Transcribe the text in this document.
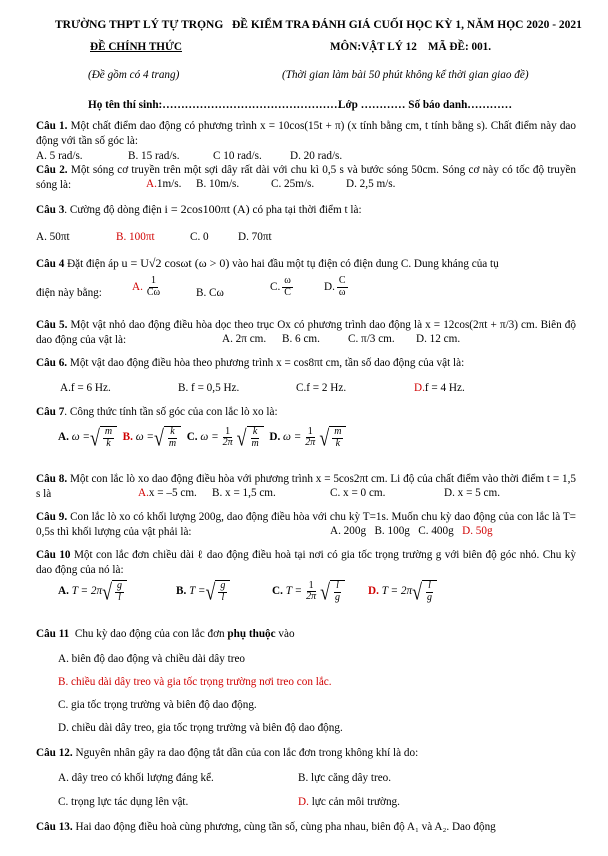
TRƯỜNG THPT LÝ TỰ TRỌNG ĐỀ KIỂM TRA ĐÁNH GIÁ CUỐI HỌC KỲ 1, NĂM HỌC 2020 - 2021
ĐỀ CHÍNH THỨC	MÔN:VẬT LÝ 12 MÃ ĐỀ: 001.
(Đề gồm có 4 trang)	(Thời gian làm bài 50 phút không kể thời gian giao đề)
Họ tên thí sinh:…………………………………………
Lớp ………… Số báo danh…………
Câu 1. Một chất điểm dao động có phương trình x = 10cos(15t + π) (x tính bằng cm, t tính bằng s). Chất điểm này dao động với tần số góc là:
A. 5 rad/s.	B. 15 rad/s.	C 10 rad/s.	D. 20 rad/s.
Câu 2. Một sóng cơ truyền trên một sợi dây rất dài với chu kì 0,5 s và bước sóng 50cm. Sóng cơ này có tốc độ truyền sóng là:	A.1m/s. B. 10m/s.	C. 25m/s.	D. 2,5 m/s.
Câu 3. Cường độ dòng điện i = 2cos100πt (A) có pha tại thời điểm t là:
A. 50πt	B. 100πt	C. 0	D. 70πt
Câu 4 Đặt điện áp u = U√2 cosωt (ω > 0) vào hai đầu một tụ điện có điện dung C. Dung kháng của tụ
điện này bằng:
A. $\frac{1}{C\omega}$	B. Cω
C. $\frac{\omega}{C}$	D. $\frac{C}{\omega}$
Câu 5. Một vật nhỏ dao động điều hòa dọc theo trục Ox có phương trình dao động là x = 12cos(2πt + π/3) cm. Biên độ dao động của vật là:	A. 2π cm. B. 6 cm.	C. π/3 cm. D. 12 cm.
Câu 6. Một vật dao động điều hòa theo phương trình x = cos8πt cm, tần số dao động của vật là:
A.f = 6 Hz.	B. f = 0,5 Hz.	C.f = 2 Hz.	D.f = 4 Hz.
Câu 7. Công thức tính tần số góc của con lắc lò xo là:
A.
ω = √ $\frac{m}{k}$
B.
ω = √ $\frac{k}{m}$
C.
$\omega = \frac{1}{2\pi}$ √ $\frac{k}{m}$
D.
$\omega = \frac{1}{2\pi}$ √ $\frac{m}{k}$
Câu 8. Một con lắc lò xo dao động điều hòa với phương trình x = 5cos2πt cm. Li độ của chất điểm vào thời điểm t = 1,5 s là	A.x = –5 cm. B. x = 1,5 cm.	C. x = 0 cm.	D. x = 5 cm.
Câu 9. Con lắc lò xo có khối lượng 200g, dao động điều hòa với chu kỳ T=1s. Muốn chu kỳ dao động của con lắc là T= 0,5s thì khối lượng của vật phải là:	A. 200g B. 100g C. 400g D. 50g
Câu 10 Một con lắc đơn chiều dài ℓ dao động điều hoà tại nơi có gia tốc trọng trường g với biên độ góc nhỏ. Chu kỳ dao động của nó là:
A.
T =
2π √ $\frac{g}{l}$	B.
T = √ $\frac{g}{l}$	C.
$T = \frac{1}{2\pi}$ √ $\frac{l}{g} D$.
T =
2π √ $\frac{l}{g}$
Câu 11 Chu kỳ dao động của con lắc đơn phụ thuộc vào
A. biên độ dao động và chiều dài dây treo
B. chiều dài dây treo và gia tốc trọng trường nơi treo con lắc.
C. gia tốc trọng trường và biên độ dao động.
D. chiều dài dây treo, gia tốc trọng trường và biên độ dao động.
Câu 12. Nguyên nhân gây ra dao động tắt dần của con lắc đơn trong không khí là do:
A. dây treo có khối lượng đáng kể.	B. lực căng dây treo.
C. trọng lực tác dụng lên vật.	D. lực cản môi trường.
Câu 13. Hai dao động điều hoà cùng phương, cùng tần số, cùng pha nhau, biên độ A₁ và A₂. Dao động
